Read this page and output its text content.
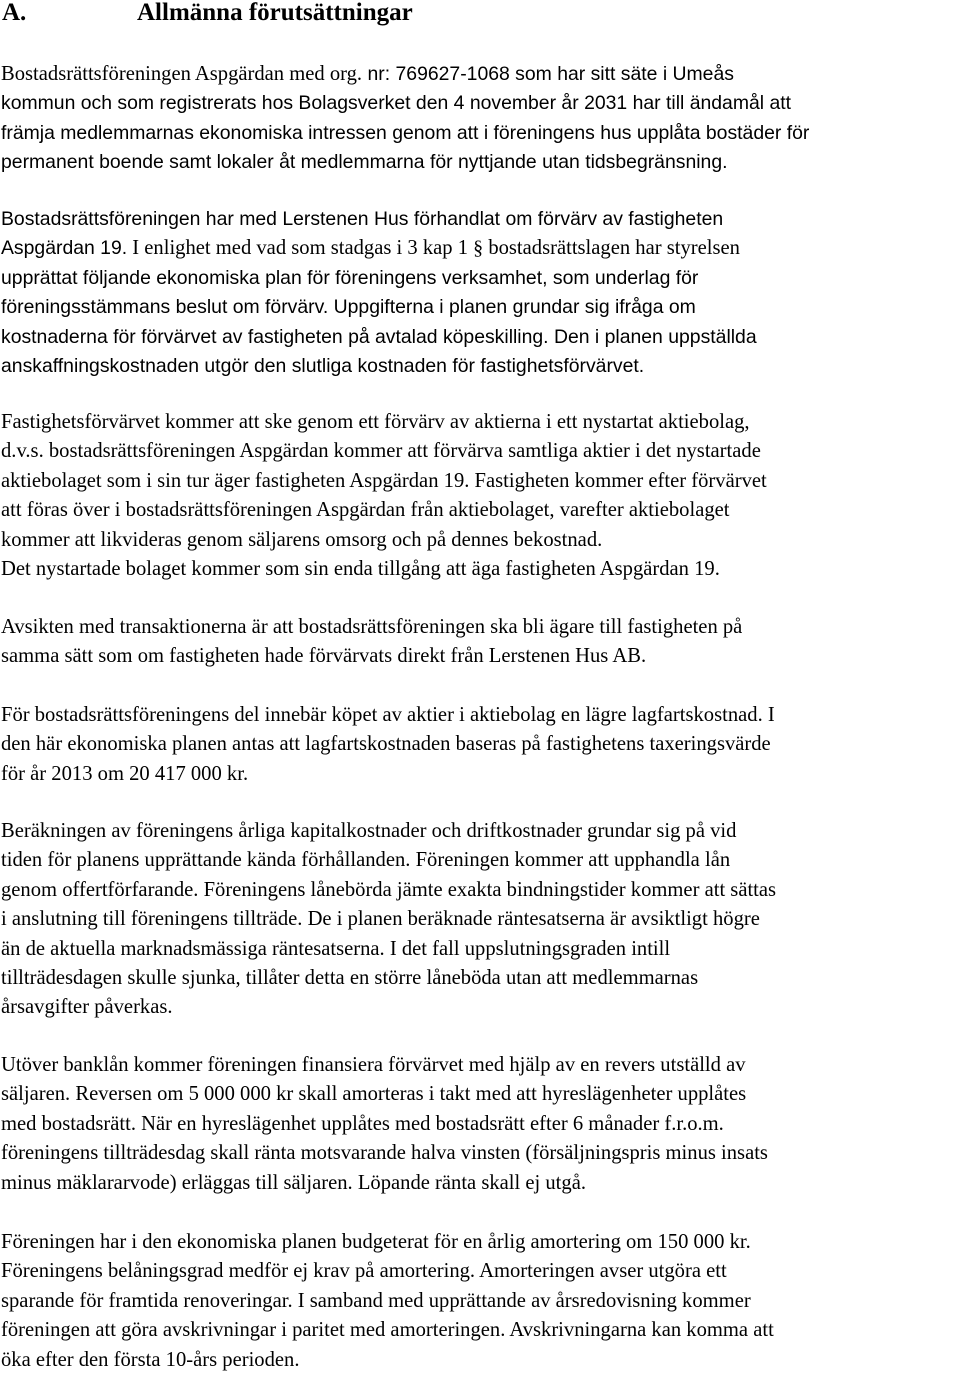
A.	Allmänna förutsättningar

Bostadsrättsföreningen Aspgärdan med org. nr: 769627-1068 som har sitt säte i Umeås
kommun och som registrerats hos Bolagsverket den 4 november år 2031 har till ändamål att
främja medlemmarnas ekonomiska intressen genom att i föreningens hus upplåta bostäder för
permanent boende samt lokaler åt medlemmarna för nyttjande utan tidsbegränsning.

Bostadsrättsföreningen har med Lerstenen Hus förhandlat om förvärv av fastigheten
Aspgärdan 19. I enlighet med vad som stadgas i 3 kap 1 § bostadsrättslagen har styrelsen
upprättat följande ekonomiska plan för föreningens verksamhet, som underlag för
föreningsstämmans beslut om förvärv. Uppgifterna i planen grundar sig ifråga om
kostnaderna för förvärvet av fastigheten på avtalad köpeskilling. Den i planen uppställda
anskaffningskostnaden utgör den slutliga kostnaden för fastighetsförvärvet.

Fastighetsförvärvet kommer att ske genom ett förvärv av aktierna i ett nystartat aktiebolag,
d.v.s. bostadsrättsföreningen Aspgärdan kommer att förvärva samtliga aktier i det nystartade
aktiebolaget som i sin tur äger fastigheten Aspgärdan 19. Fastigheten kommer efter förvärvet
att föras över i bostadsrättsföreningen Aspgärdan från aktiebolaget, varefter aktiebolaget
kommer att likvideras genom säljarens omsorg och på dennes bekostnad.
Det nystartade bolaget kommer som sin enda tillgång att äga fastigheten Aspgärdan 19.

Avsikten med transaktionerna är att bostadsrättsföreningen ska bli ägare till fastigheten på
samma sätt som om fastigheten hade förvärvats direkt från Lerstenen Hus AB.

För bostadsrättsföreningens del innebär köpet av aktier i aktiebolag en lägre lagfartskostnad. I
den här ekonomiska planen antas att lagfartskostnaden baseras på fastighetens taxeringsvärde
för år 2013 om 20 417 000 kr.

Beräkningen av föreningens årliga kapitalkostnader och driftkostnader grundar sig på vid
tiden för planens upprättande kända förhållanden. Föreningen kommer att upphandla lån
genom offertförfarande. Föreningens lånebörda jämte exakta bindningstider kommer att sättas
i anslutning till föreningens tillträde. De i planen beräknade räntesatserna är avsiktligt högre
än de aktuella marknadsmässiga räntesatserna. I det fall uppslutningsgraden intill
tillträdesdagen skulle sjunka, tillåter detta en större låneböda utan att medlemmarnas
årsavgifter påverkas.

Utöver banklån kommer föreningen finansiera förvärvet med hjälp av en revers utställd av
säljaren. Reversen om 5 000 000 kr skall amorteras i takt med att hyreslägenheter upplåtes
med bostadsrätt. När en hyreslägenhet upplåtes med bostadsrätt efter 6 månader f.r.o.m.
föreningens tillträdesdag skall ränta motsvarande halva vinsten (försäljningspris minus insats
minus mäklararvode) erläggas till säljaren. Löpande ränta skall ej utgå.

Föreningen har i den ekonomiska planen budgeterat för en årlig amortering om 150 000 kr.
Föreningens belåningsgrad medför ej krav på amortering. Amorteringen avser utgöra ett
sparande för framtida renoveringar. I samband med upprättande av årsredovisning kommer
föreningen att göra avskrivningar i paritet med amorteringen. Avskrivningarna kan komma att
öka efter den första 10-års perioden.
